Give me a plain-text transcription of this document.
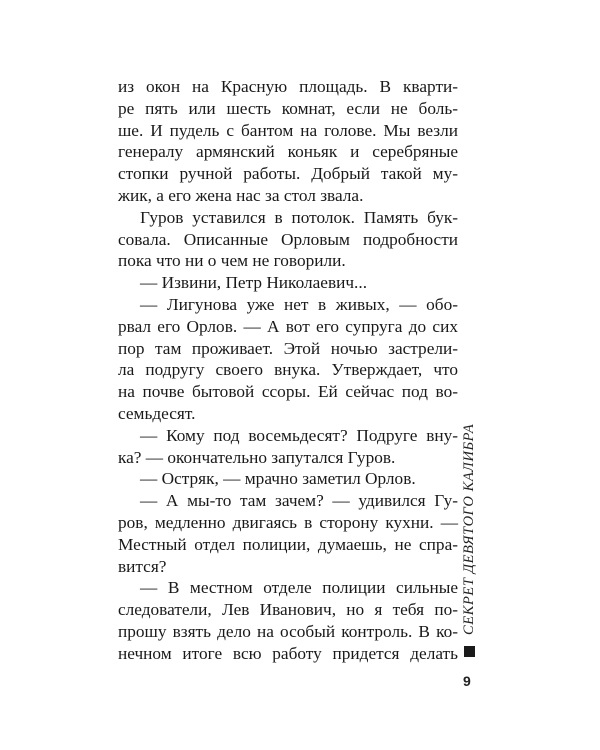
из окон на Красную площадь. В кварти-
ре пять или шесть комнат, если не боль-
ше. И пудель с бантом на голове. Мы везли
генералу армянский коньяк и серебряные
стопки ручной работы. Добрый такой му-
жик, а его жена нас за стол звала.
Гуров уставился в потолок. Память бук-
совала. Описанные Орловым подробности
пока что ни о чем не говорили.
— Извини, Петр Николаевич...
— Лигунова уже нет в живых, — обо-
рвал его Орлов. — А вот его супруга до сих
пор там проживает. Этой ночью застрели-
ла подругу своего внука. Утверждает, что
на почве бытовой ссоры. Ей сейчас под во-
семьдесят.
— Кому под восемьдесят? Подруге вну-
ка? — окончательно запутался Гуров.
— Остряк, — мрачно заметил Орлов.
— А мы-то там зачем? — удивился Гу-
ров, медленно двигаясь в сторону кухни. —
Местный отдел полиции, думаешь, не спра-
вится?
— В местном отделе полиции сильные
следователи, Лев Иванович, но я тебя по-
прошу взять дело на особый контроль. В ко-
нечном итоге всю работу придется делать
СЕКРЕТ ДЕВЯТОГО КАЛИБРА
9
